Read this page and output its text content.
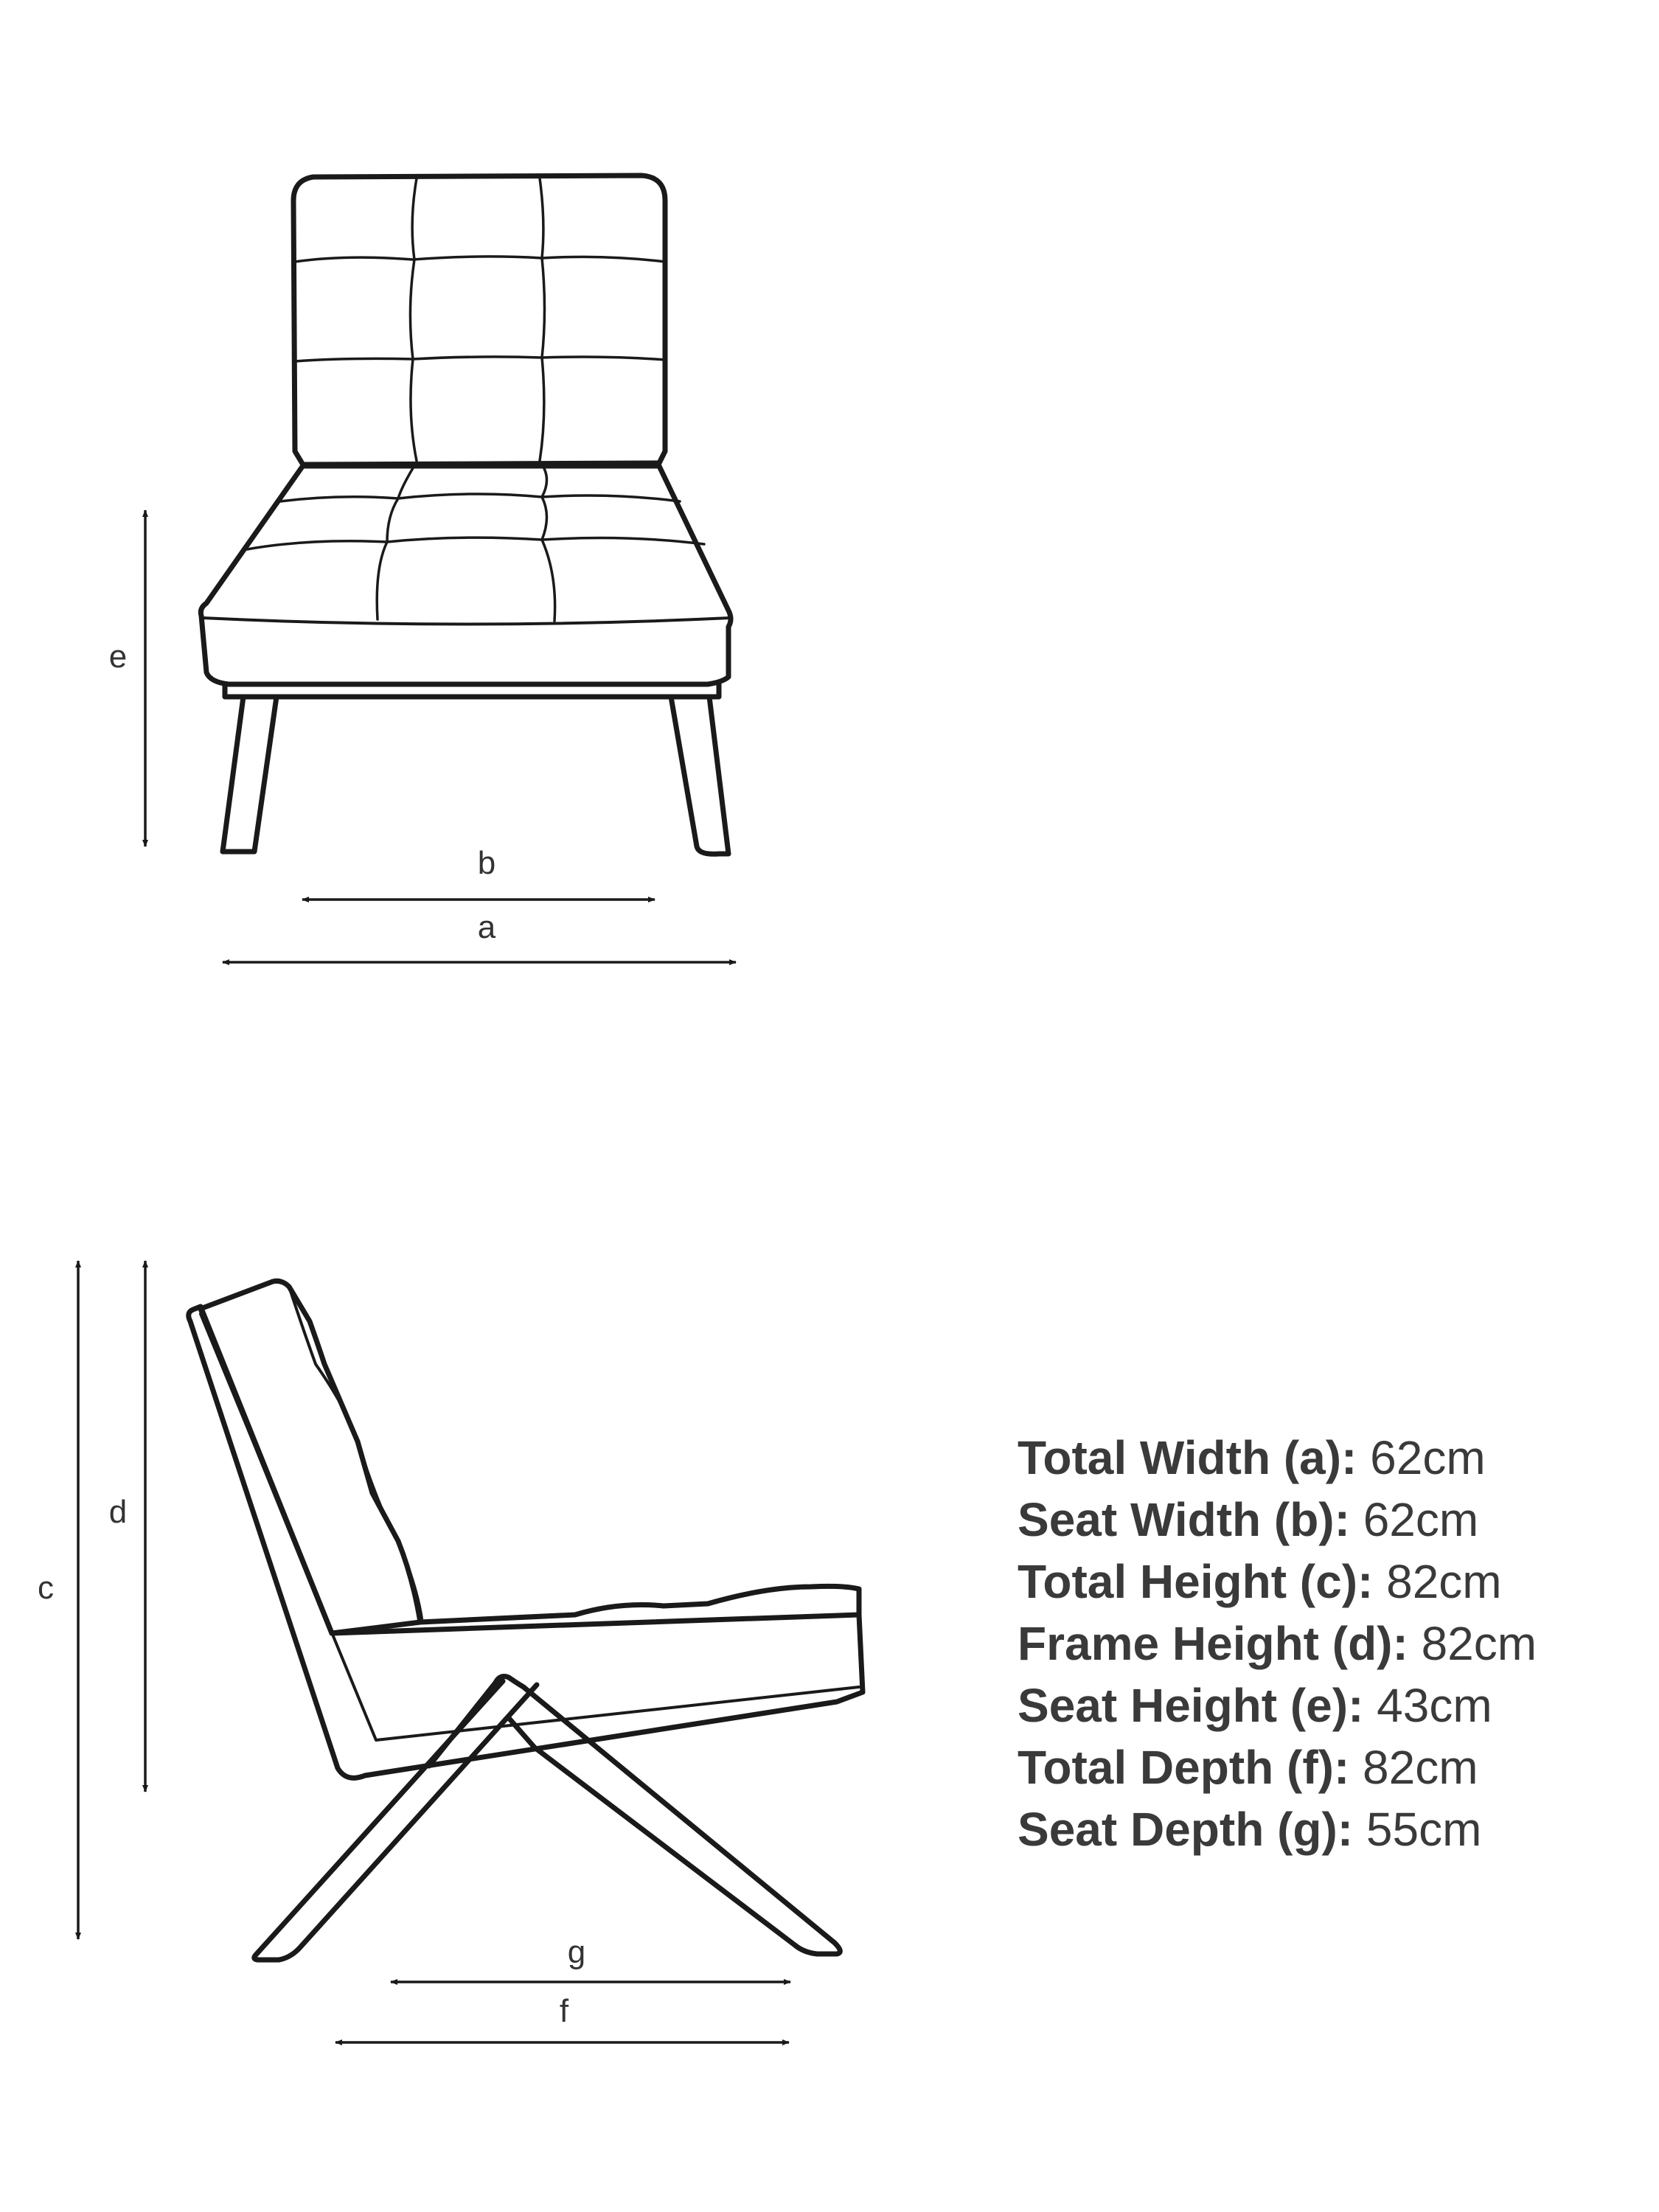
e
b
a
c
d
g
f
Total Width (a): 62cm
Seat Width (b): 62cm
Total Height (c): 82cm
Frame Height (d): 82cm
Seat Height (e): 43cm
Total Depth (f): 82cm
Seat Depth (g): 55cm
